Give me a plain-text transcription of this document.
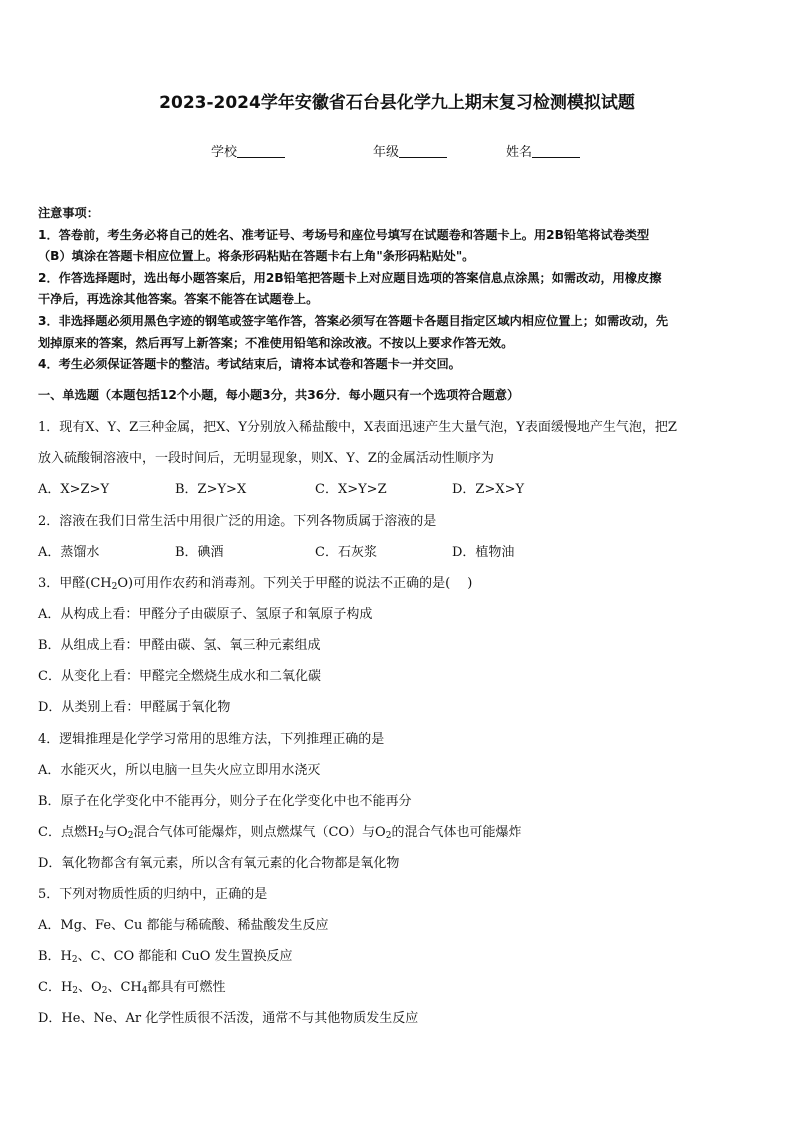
2023-2024学年安徽省石台县化学九上期末复习检测模拟试题
学校	年级	姓名

注意事项：

1．答卷前，考生务必将自己的姓名、准考证号、考场号和座位号填写在试题卷和答题卡上。用2B铅笔将试卷类型

（B）填涂在答题卡相应位置上。将条形码粘贴在答题卡右上角"条形码粘贴处"。

2．作答选择题时，选出每小题答案后，用2B铅笔把答题卡上对应题目选项的答案信息点涂黑；如需改动，用橡皮擦

干净后，再选涂其他答案。答案不能答在试题卷上。

3．非选择题必须用黑色字迹的钢笔或签字笔作答，答案必须写在答题卡各题目指定区域内相应位置上；如需改动，先

划掉原来的答案，然后再写上新答案；不准使用铅笔和涂改液。不按以上要求作答无效。

4．考生必须保证答题卡的整洁。考试结束后，请将本试卷和答题卡一并交回。

一、单选题（本题包括12个小题，每小题3分，共36分．每小题只有一个选项符合题意）
1．现有X、Y、Z三种金属，把X、Y分别放入稀盐酸中，X表面迅速产生大量气泡，Y表面缓慢地产生气泡，把Z
放入硫酸铜溶液中，一段时间后，无明显现象，则X、Y、Z的金属活动性顺序为
A．X>Z>Y	B．Z>Y>X	C．X>Y>Z	D．Z>X>Y
2．溶液在我们日常生活中用很广泛的用途。下列各物质属于溶液的是
A．蒸馏水	B．碘酒	C．石灰浆	D．植物油
3．甲醛$(CH_2O)$可用作农药和消毒剂。下列关于甲醛的说法不正确的是(　 )
A．从构成上看：甲醛分子由碳原子、氢原子和氧原子构成
B．从组成上看：甲醛由碳、氢、氧三种元素组成
C．从变化上看：甲醛完全燃烧生成水和二氧化碳
D．从类别上看：甲醛属于氧化物
4．逻辑推理是化学学习常用的思维方法，下列推理正确的是
A．水能灭火，所以电脑一旦失火应立即用水浇灭
B．原子在化学变化中不能再分，则分子在化学变化中也不能再分
C．点燃$H_2$与$O_2$混合气体可能爆炸，则点燃煤气（CO）与$O_2$的混合气体也可能爆炸
D．氧化物都含有氧元素，所以含有氧元素的化合物都是氧化物
5．下列对物质性质的归纳中，正确的是
A．Mg、Fe、Cu 都能与稀硫酸、稀盐酸发生反应
B．$H_2$、C、CO 都能和 CuO 发生置换反应
C．$H_2$、$O_2$、$CH_4$都具有可燃性
D．He、Ne、Ar 化学性质很不活泼，通常不与其他物质发生反应
